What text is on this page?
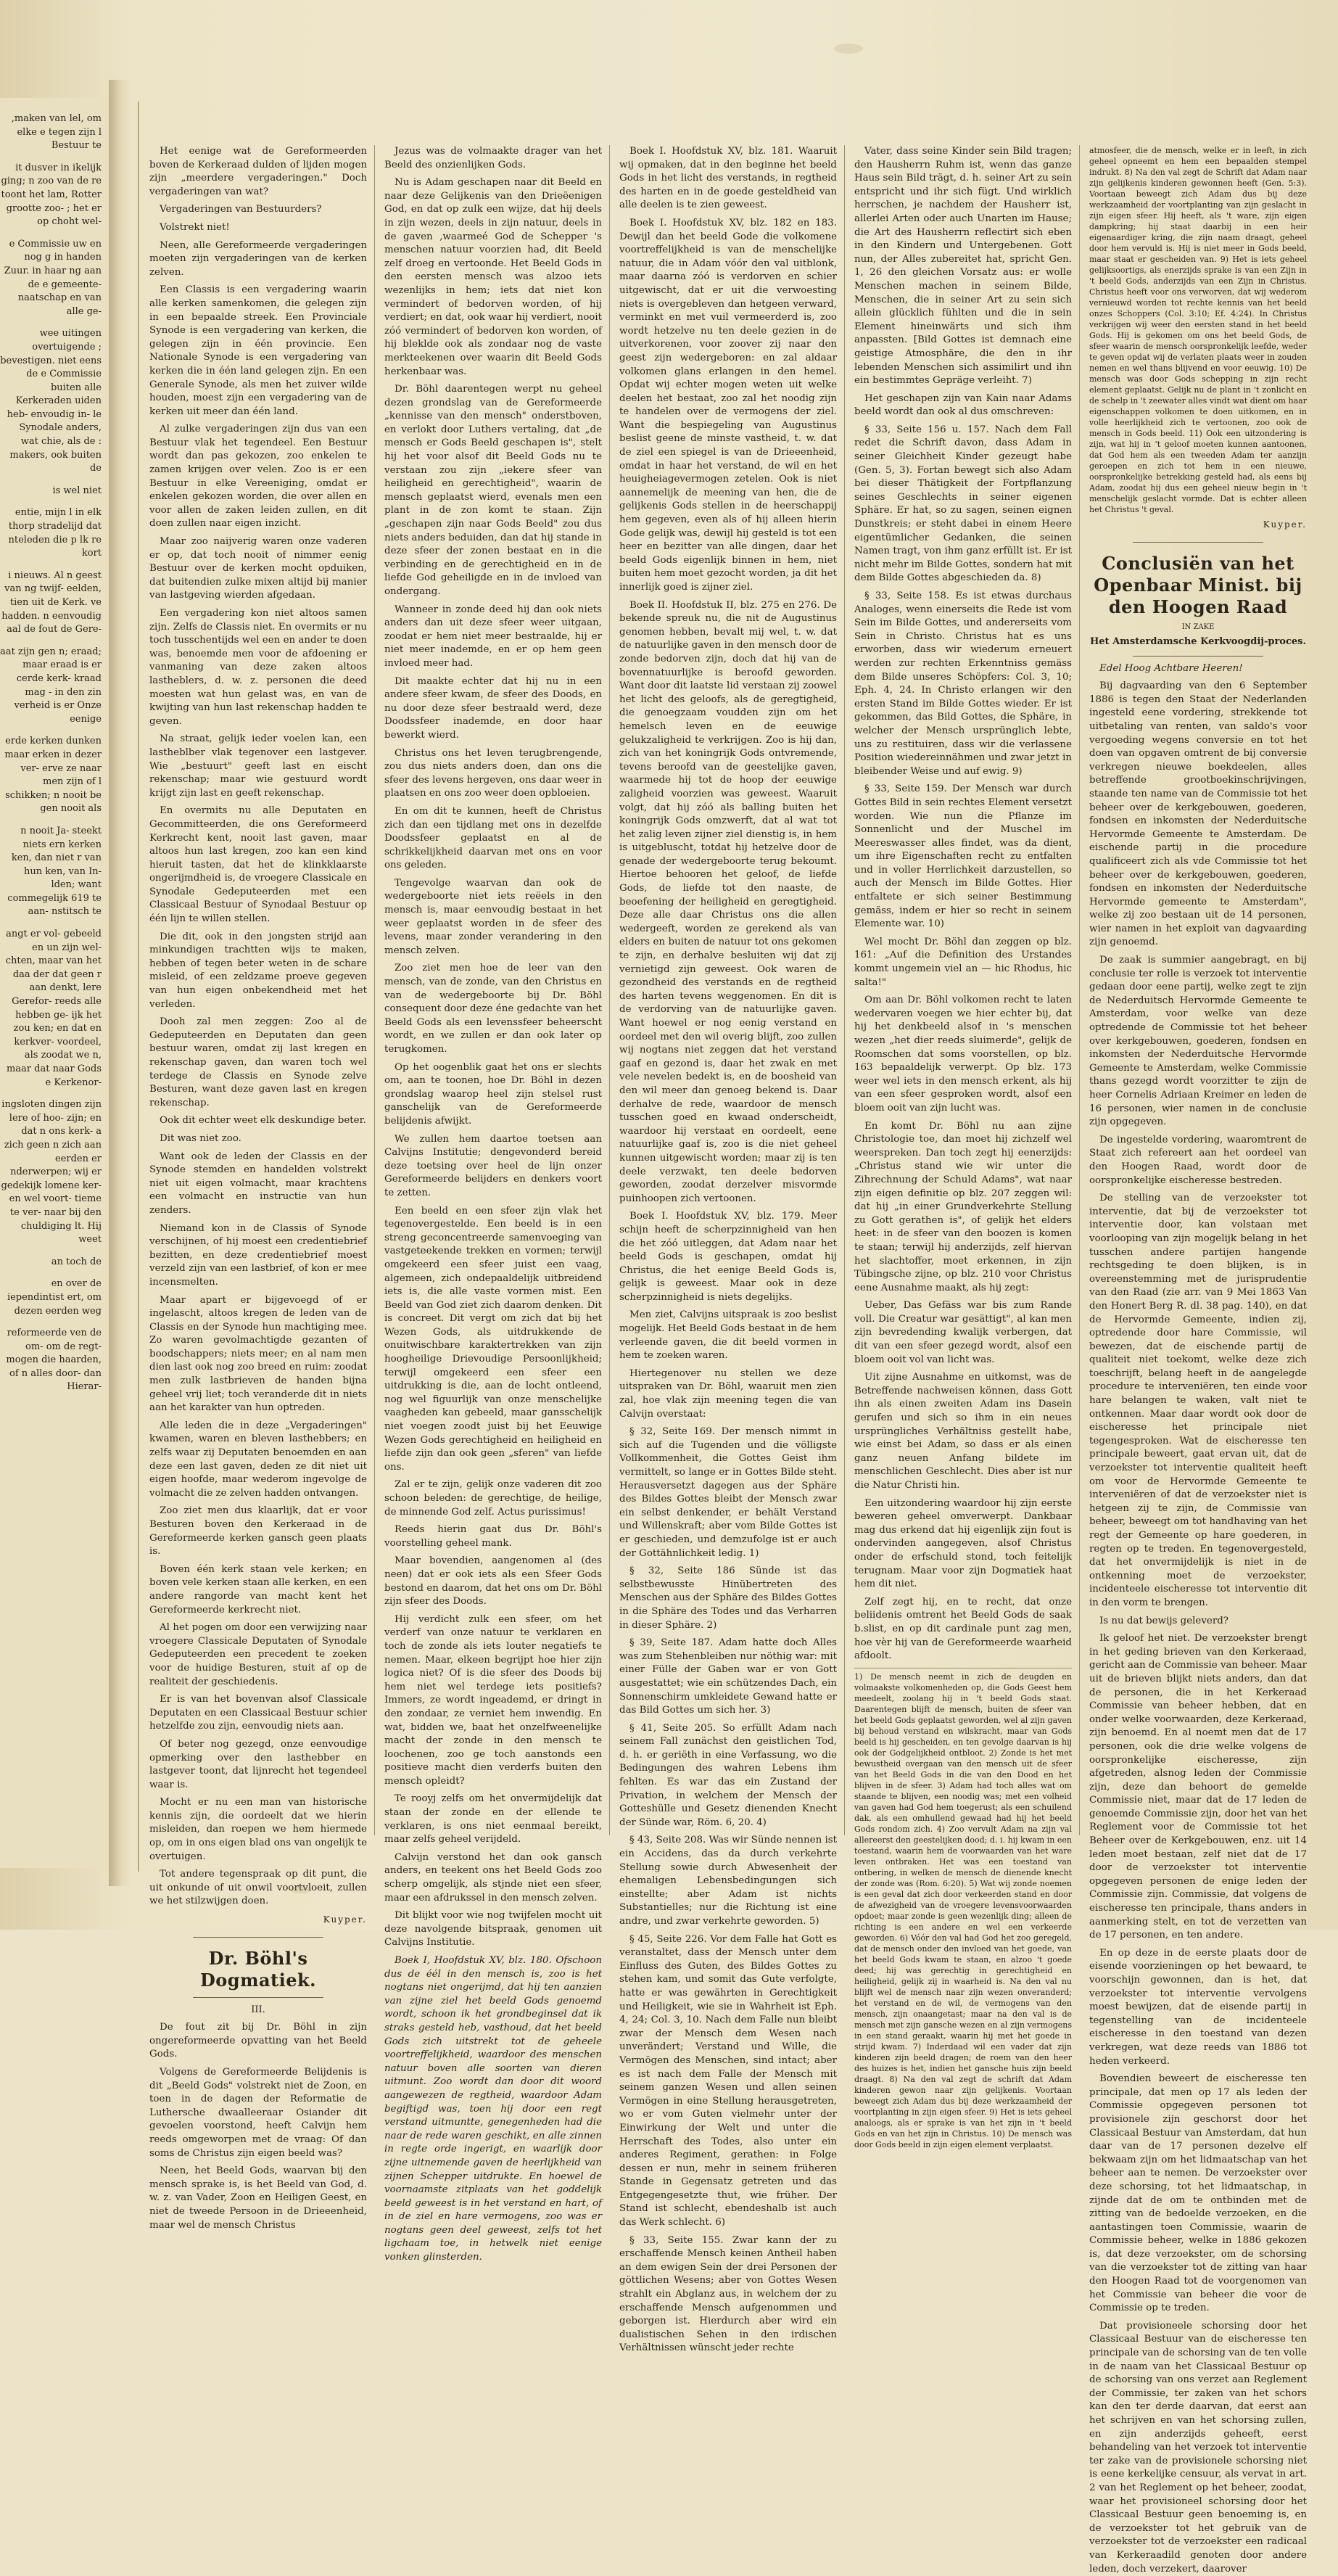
,maken van lel, om elke e tegen zijn l Bestuur te
it dusver in ikelijk ging; n zoo van de re toont het lam, Rotter grootte zoo- ; het er op choht wel-
e Commissie uw en nog g in handen Zuur. in haar ng aan de e gemeente- naatschap en van alle ge-
wee uitingen overtuigende ; bevestigen. niet eens de e Commissie buiten alle Kerkeraden uiden heb- envoudig in- le Synodale anders, wat chie, als de : makers, ook buiten de
is wel niet
entie, mijn l in elk thorp stradelijd dat nteleden die p lk re kort
i nieuws. Al n geest van ng twijf- eelden, tien uit de Kerk. ve hadden. n eenvoudig aal de fout de Gere-
aat zijn gen n; eraad; maar eraad is er cerde kerk- kraad mag - in den zin verheid is er Onze eenige
erde kerken dunken maar erken in dezer ver- erve ze naar men zijn of l schikken; n nooit be gen nooit als
n nooit Ja- steekt niets ern kerken ken, dan niet r van hun ken, van In- lden; want commegelijk 619 te aan- nstitsch te
angt er vol- gebeeld en un zijn wel- chten, maar van het daa der dat geen r aan denkt, lere Gerefor- reeds alle hebben ge- ijk het zou ken; en dat en kerkver- voordeel, als zoodat we n, maar dat naar Gods e Kerkenor-
ingsloten dingen zijn lere of hoo- zijn; en dat n ons kerk- a zich geen n zich aan eerden er nderwerpen; wij er gedekijk lomene ker- en wel voort- tieme te ver- naar bij den chuldiging lt. Hij weet
an toch de
en over de iependintist ert, om dezen eerden weg
reformeerde ven de om- om de regt- mogen die haarden, of n alles door- dan Hierar-

Het eenige wat de Gereformeerden boven de Kerkeraad dulden of lijden mogen zijn „meerdere vergaderingen." Doch vergaderingen van wat?

Vergaderingen van Bestuurders?

Volstrekt niet!

Neen, alle Gereformeerde vergaderingen moeten zijn vergaderingen van de kerken zelven.

Een Classis is een vergadering waarin alle kerken samenkomen, die gelegen zijn in een bepaalde streek. Een Provinciale Synode is een vergadering van kerken, die gelegen zijn in één provincie. Een Nationale Synode is een vergadering van kerken die in één land gelegen zijn. En een Generale Synode, als men het zuiver wilde houden, moest zijn een vergadering van de kerken uit meer dan één land.

Al zulke vergaderingen zijn dus van een Bestuur vlak het tegendeel. Een Bestuur wordt dan pas gekozen, zoo enkelen te zamen krijgen over velen. Zoo is er een Bestuur in elke Vereeniging, omdat er enkelen gekozen worden, die over allen en voor allen de zaken leiden zullen, en dit doen zullen naar eigen inzicht.

Maar zoo naijverig waren onze vaderen er op, dat toch nooit of nimmer eenig Bestuur over de kerken mocht opduiken, dat buitendien zulke mixen altijd bij manier van lastgeving wierden afgedaan.

Een vergadering kon niet altoos samen zijn. Zelfs de Classis niet. En overmits er nu toch tusschentijds wel een en ander te doen was, benoemde men voor de afdoening er vanmaning van deze zaken altoos lastheblers, d. w. z. personen die deed moesten wat hun gelast was, en van de kwijting van hun last rekenschap hadden te geven.

Na straat, gelijk ieder voelen kan, een lastheblber vlak tegenover een lastgever. Wie „bestuurt" geeft last en eischt rekenschap; maar wie gestuurd wordt krijgt zijn last en geeft rekenschap.

En overmits nu alle Deputaten en Gecommitteerden, die ons Gereformeerd Kerkrecht kent, nooit last gaven, maar altoos hun last kregen, zoo kan een kind hieruit tasten, dat het de klinkklaarste ongerijmdheid is, de vroegere Classicale en Synodale Gedeputeerden met een Classicaal Bestuur of Synodaal Bestuur op één lijn te willen stellen.

Die dit, ook in den jongsten strijd aan minkundigen trachtten wijs te maken, hebben of tegen beter weten in de schare misleid, of een zeldzame proeve gegeven van hun eigen onbekendheid met het verleden.

Dooh zal men zeggen: Zoo al de Gedeputeerden en Deputaten dan geen bestuur waren, omdat zij last kregen en rekenschap gaven, dan waren toch wel terdege de Classis en Synode zelve Besturen, want deze gaven last en kregen rekenschap.

Ook dit echter weet elk deskundige beter.

Dit was niet zoo.

Want ook de leden der Classis en der Synode stemden en handelden volstrekt niet uit eigen volmacht, maar krachtens een volmacht en instructie van hun zenders.

Niemand kon in de Classis of Synode verschijnen, of hij moest een credentiebrief bezitten, en deze credentiebrief moest verzeld zijn van een lastbrief, of kon er mee incensmelten.

Maar apart er bijgevoegd of er ingelascht, altoos kregen de leden van de Classis en der Synode hun machtiging mee. Zo waren gevolmachtigde gezanten of boodschappers; niets meer; en al nam men dien last ook nog zoo breed en ruim: zoodat men zulk lastbrieven de handen bijna geheel vrij liet; toch veranderde dit in niets aan het karakter van hun optreden.

Alle leden die in deze „Vergaderingen" kwamen, waren en bleven lasthebbers; en zelfs waar zij Deputaten benoemden en aan deze een last gaven, deden ze dit niet uit eigen hoofde, maar wederom ingevolge de volmacht die ze zelven hadden ontvangen.

Zoo ziet men dus klaarlijk, dat er voor Besturen boven den Kerkeraad in de Gereformeerde kerken gansch geen plaats is.

Boven één kerk staan vele kerken; en boven vele kerken staan alle kerken, en een andere rangorde van macht kent het Gereformeerde kerkrecht niet.

Al het pogen om door een verwijzing naar vroegere Classicale Deputaten of Synodale Gedeputeerden een precedent te zoeken voor de huidige Besturen, stuit af op de realiteit der geschiedenis.

Er is van het bovenvan alsof Classicale Deputaten en een Classicaal Bestuur schier hetzelfde zou zijn, eenvoudig niets aan.

Of beter nog gezegd, onze eenvoudige opmerking over den lasthebber en lastgever toont, dat lijnrecht het tegendeel waar is.

Mocht er nu een man van historische kennis zijn, die oordeelt dat we hierin misleiden, dan roepen we hem hiermede op, om in ons eigen blad ons van ongelijk te overtuigen.

Tot andere tegenspraak op dit punt, die uit onkunde of uit onwil voortvloeit, zullen we het stilzwijgen doen.

Kuyper.
Dr. Böhl's Dogmatiek.
III.

De fout zit bij Dr. Böhl in zijn ongereformeerde opvatting van het Beeld Gods.

Volgens de Gereformeerde Belijdenis is dit „Beeld Gods" volstrekt niet de Zoon, en toen in de dagen der Reformatie de Luthersche dwaalleeraar Osiander dit gevoelen voorstond, heeft Calvijn hem reeds omgeworpen met de vraag: Of dan soms de Christus zijn eigen beeld was?

Neen, het Beeld Gods, waarvan bij den mensch sprake is, is het Beeld van God, d. w. z. van Vader, Zoon en Heiligen Geest, en niet de tweede Persoon in de Drieeenheid, maar wel de mensch Christus

Jezus was de volmaakte drager van het Beeld des onzienlijken Gods.

Nu is Adam geschapen naar dit Beeld en naar deze Gelijkenis van den Drieëenigen God, en dat op zulk een wijze, dat hij deels in zijn wezen, deels in zijn natuur, deels in de gaven ,waarmeé God de Schepper 's menschen natuur voorzien had, dit Beeld zelf droeg en vertoonde. Het Beeld Gods in den eersten mensch was alzoo iets wezenlijks in hem; iets dat niet kon vermindert of bedorven worden, of hij verdiert; en dat, ook waar hij verdiert, nooit zóó vermindert of bedorven kon worden, of hij bleklde ook als zondaar nog de vaste merkteekenen over waarin dit Beeld Gods herkenbaar was.

Dr. Böhl daarentegen werpt nu geheel dezen grondslag van de Gereformeerde „kennisse van den mensch" onderstboven, en verlokt door Luthers vertaling, dat „de mensch er Gods Beeld geschapen is", stelt hij het voor alsof dit Beeld Gods nu te verstaan zou zijn „iekere sfeer van heiligheid en gerechtigheid", waarin de mensch geplaatst wierd, evenals men een plant in de zon komt te staan. Zijn „geschapen zijn naar Gods Beeld" zou dus niets anders beduiden, dan dat hij stande in deze sfeer der zonen bestaat en in die verbinding en de gerechtigheid en in de liefde God geheiligde en in de invloed van ondergang.

Wanneer in zonde deed hij dan ook niets anders dan uit deze sfeer weer uitgaan, zoodat er hem niet meer bestraalde, hij er niet meer inademde, en er op hem geen invloed meer had.

Dit maakte echter dat hij nu in een andere sfeer kwam, de sfeer des Doods, en nu door deze sfeer bestraald werd, deze Doodssfeer inademde, en door haar bewerkt wierd.

Christus ons het leven terugbrengende, zou dus niets anders doen, dan ons die sfeer des levens hergeven, ons daar weer in plaatsen en ons zoo weer doen opbloeien.

En om dit te kunnen, heeft de Christus zich dan een tijdlang met ons in dezelfde Doodssfeer geplaatst en al de schrikkelijkheid daarvan met ons en voor ons geleden.

Tengevolge waarvan dan ook de wedergeboorte niet iets reëels in den mensch is, maar eenvoudig bestaat in het weer geplaatst worden in de sfeer des levens, maar zonder verandering in den mensch zelven.

Zoo ziet men hoe de leer van den mensch, van de zonde, van den Christus en van de wedergeboorte bij Dr. Böhl consequent door deze éne gedachte van het Beeld Gods als een levenssfeer beheerscht wordt, en we zullen er dan ook later op terugkomen.

Op het oogenblik gaat het ons er slechts om, aan te toonen, hoe Dr. Böhl in dezen grondslag waarop heel zijn stelsel rust ganschelijk van de Gereformeerde belijdenis afwijkt.

We zullen hem daartoe toetsen aan Calvijns Institutie; dengevonderd bereid deze toetsing over heel de lijn onzer Gereformeerde belijders en denkers voort te zetten.

Een beeld en een sfeer zijn vlak het tegenovergestelde. Een beeld is in een streng geconcentreerde samenvoeging van vastgeteekende trekken en vormen; terwijl omgekeerd een sfeer juist een vaag, algemeen, zich ondepaaldelijk uitbreidend iets is, die alle vaste vormen mist. Een Beeld van God ziet zich daarom denken. Dit is concreet. Dit vergt om zich dat bij het Wezen Gods, als uitdrukkende de onuitwischbare karaktertrekken van zijn hoogheilige Drievoudige Persoonlijkheid; terwijl omgekeerd een sfeer een uitdrukking is die, aan de locht ontleend, nog wel figuurlijk van onze menschelijke vaagheden kan gebeeld, maar gansschelijk niet voegen zoodt juist bij het Eeuwige Wezen Gods gerechtigheid en heiligheid en liefde zijn dan ook geen „sferen" van liefde ons.

Zal er te zijn, gelijk onze vaderen dit zoo schoon beleden: de gerechtige, de heilige, de minnende God zelf. Actus purissimus!

Reeds hierin gaat dus Dr. Böhl's voorstelling geheel mank.

Maar bovendien, aangenomen al (des neen) dat er ook iets als een Sfeer Gods bestond en daarom, dat het ons om Dr. Böhl zijn sfeer des Doods.

Hij verdicht zulk een sfeer, om het verderf van onze natuur te verklaren en toch de zonde als iets louter negatiefs te nemen. Maar, elkeen begrijpt hoe hier zijn logica niet? Of is die sfeer des Doods bij hem niet wel terdege iets positiefs? Immers, ze wordt ingeademd, er dringt in den zondaar, ze verniet hem inwendig. En wat, bidden we, baat het onzelfweenelijke macht der zonde in den mensch te loochenen, zoo ge toch aanstonds een positieve macht dien verderfs buiten den mensch opleidt?

Te rooyj zelfs om het onvermijdelijk dat staan der zonde en der ellende te verklaren, is ons niet eenmaal bereikt, maar zelfs geheel verijdeld.

Calvijn verstond het dan ook gansch anders, en teekent ons het Beeld Gods zoo scherp omgelijk, als stjnde niet een sfeer, maar een afdrukssel in den mensch zelven.

Dit blijkt voor wie nog twijfelen mocht uit deze navolgende bitspraak, genomen uit Calvijns Institutie.

Boek I, Hoofdstuk XV, blz. 180. Ofschoon dus de éél in den mensch is, zoo is het nogtans niet ongerijmd, dat hij ten aanzien van zijne ziel het beeld Gods genoemd wordt, schoon ik het grondbeginsel dat ik straks gesteld heb, vasthoud, dat het beeld Gods zich uitstrekt tot de geheele voortreffelijkheid, waardoor des menschen natuur boven alle soorten van dieren uitmunt. Zoo wordt dan door dit woord aangewezen de regtheid, waardoor Adam begiftigd was, toen hij door een regt verstand uitmuntte, genegenheden had die naar de rede waren geschikt, en alle zinnen in regte orde ingerigt, en waarlijk door zijne uitnemende gaven de heerlijkheid van zijnen Schepper uitdrukte. En hoewel de voornaamste zitplaats van het goddelijk beeld geweest is in het verstand en hart, of in de ziel en hare vermogens, zoo was er nogtans geen deel geweest, zelfs tot het ligchaam toe, in hetwelk niet eenige vonken glinsterden.

Boek I. Hoofdstuk XV, blz. 181. Waaruit wij opmaken, dat in den beginne het beeld Gods in het licht des verstands, in regtheid des harten en in de goede gesteldheid van alle deelen is te zien geweest.

Boek I. Hoofdstuk XV, blz. 182 en 183. Dewijl dan het beeld Gode die volkomene voortreffelijkheid is van de menschelijke natuur, die in Adam vóór den val uitblonk, maar daarna zóó is verdorven en schier uitgewischt, dat er uit die verwoesting niets is overgebleven dan hetgeen verward, verminkt en met vuil vermeerderd is, zoo wordt hetzelve nu ten deele gezien in de uitverkorenen, voor zoover zij naar den geest zijn wedergeboren: en zal aldaar volkomen glans erlangen in den hemel. Opdat wij echter mogen weten uit welke deelen het bestaat, zoo zal het noodig zijn te handelen over de vermogens der ziel. Want die bespiegeling van Augustinus beslist geene de minste vastheid, t. w. dat de ziel een spiegel is van de Drieeenheid, omdat in haar het verstand, de wil en het heuigheiagevermogen zetelen. Ook is niet aannemelijk de meening van hen, die de gelijkenis Gods stellen in de heerschappij hem gegeven, even als of hij alleen hierin Gode gelijk was, dewijl hij gesteld is tot een heer en bezitter van alle dingen, daar het beeld Gods eigenlijk binnen in hem, niet buiten hem moet gezocht worden, ja dit het innerlijk goed is zijner ziel.

Boek II. Hoofdstuk II, blz. 275 en 276. De bekende spreuk nu, die nit de Augustinus genomen hebben, bevalt mij wel, t. w. dat de natuurlijke gaven in den mensch door de zonde bedorven zijn, doch dat hij van de bovennatuurlijke is beroofd geworden. Want door dit laatste lid verstaan zij zoowel het licht des geloofs, als de geregtigheid, die genoegzaam voudden zijn om het hemelsch leven en de eeuwige gelukzaligheid te verkrijgen. Zoo is hij dan, zich van het koningrijk Gods ontvremende, tevens beroofd van de geestelijke gaven, waarmede hij tot de hoop der eeuwige zaligheid voorzien was geweest. Waaruit volgt, dat hij zóó als balling buiten het koningrijk Gods omzwerft, dat al wat tot het zalig leven zijner ziel dienstig is, in hem is uitgebluscht, totdat hij hetzelve door de genade der wedergeboorte terug bekoumt. Hiertoe behooren het geloof, de liefde Gods, de liefde tot den naaste, de beoefening der heiligheid en geregtigheid. Deze alle daar Christus ons die allen wedergeeft, worden ze gerekend als van elders en buiten de natuur tot ons gekomen te zijn, en derhalve besluiten wij dat zij vernietigd zijn geweest. Ook waren de gezondheid des verstands en de regtheid des harten tevens weggenomen. En dit is de verdorving van de natuurlijke gaven. Want hoewel er nog eenig verstand en oordeel met den wil overig blijft, zoo zullen wij nogtans niet zeggen dat het verstand gaaf en gezond is, daar het zwak en met vele nevelen bedekt is, en de boosheid van den wil meer dan genoeg bekend is. Daar derhalve de rede, waardoor de mensch tusschen goed en kwaad onderscheidt, waardoor hij verstaat en oordeelt, eene natuurlijke gaaf is, zoo is die niet geheel kunnen uitgewischt worden; maar zij is ten deele verzwakt, ten deele bedorven geworden, zoodat derzelver misvormde puinhoopen zich vertoonen.

Boek I. Hoofdstuk XV, blz. 179. Meer schijn heeft de scherpzinnigheid van hen die het zóó uitleggen, dat Adam naar het beeld Gods is geschapen, omdat hij Christus, die het eenige Beeld Gods is, gelijk is geweest. Maar ook in deze scherpzinnigheid is niets degelijks.

Men ziet, Calvijns uitspraak is zoo beslist mogelijk. Het Beeld Gods bestaat in de hem verleende gaven, die dit beeld vormen in hem te zoeken waren.

Hiertegenover nu stellen we deze uitspraken van Dr. Böhl, waaruit men zien zal, hoe vlak zijn meening tegen die van Calvijn overstaat:

§ 32, Seite 169. Der mensch nimmt in sich auf die Tugenden und die völligste Vollkommenheit, die Gottes Geist ihm vermittelt, so lange er in Gottes Bilde steht. Herausversetzt dagegen aus der Sphäre des Bildes Gottes bleibt der Mensch zwar ein selbst denkender, er behält Verstand und Willenskraft; aber vom Bilde Gottes ist er geschieden, und demzufolge ist er auch der Gottähnlichkeit ledig. 1)

§ 32, Seite 186 Sünde ist das selbstbewusste Hinübertreten des Menschen aus der Sphäre des Bildes Gottes in die Sphäre des Todes und das Verharren in dieser Sphäre. 2)

§ 39, Seite 187. Adam hatte doch Alles was zum Stehenbleiben nur nöthig war: mit einer Fülle der Gaben war er von Gott ausgestattet; wie ein schützendes Dach, ein Sonnenschirm umkleidete Gewand hatte er das Bild Gottes um sich her. 3)

§ 41, Seite 205. So erfüllt Adam nach seinem Fall zunächst den geistlichen Tod, d. h. er geriëth in eine Verfassung, wo die Bedingungen des wahren Lebens ihm fehlten. Es war das ein Zustand der Privation, in welchem der Mensch der Gotteshülle und Gesetz dienenden Knecht der Sünde war, Röm. 6, 20. 4)

§ 43, Seite 208. Was wir Sünde nennen ist ein Accidens, das da durch verkehrte Stellung sowie durch Abwesenheit der ehemaligen Lebensbedingungen sich einstellte; aber Adam ist nichts Substantielles; nur die Richtung ist eine andre, und zwar verkehrte geworden. 5)

§ 45, Seite 226. Vor dem Falle hat Gott es veranstaltet, dass der Mensch unter dem Einfluss des Guten, des Bildes Gottes zu stehen kam, und somit das Gute verfolgte, hatte er was gewährten in Gerechtigkeit und Heiligkeit, wie sie in Wahrheit ist Eph. 4, 24; Col. 3, 10. Nach dem Falle nun bleibt zwar der Mensch dem Wesen nach unverändert; Verstand und Wille, die Vermögen des Menschen, sind intact; aber es ist nach dem Falle der Mensch mit seinem ganzen Wesen und allen seinen Vermögen in eine Stellung herausgetreten, wo er vom Guten vielmehr unter der Einwirkung der Welt und unter die Herrschaft des Todes, also unter ein anderes Regiment, gerathen: in Folge dessen er nun, mehr in seinem früheren Stande in Gegensatz getreten und das Entgegengesetzte thut, wie früher. Der Stand ist schlecht, ebendeshalb ist auch das Werk schlecht. 6)

§ 33, Seite 155. Zwar kann der zu erschaffende Mensch keinen Antheil haben an dem ewigen Sein der drei Personen der göttlichen Wesens; aber von Gottes Wesen strahlt ein Abglanz aus, in welchem der zu erschaffende Mensch aufgenommen und geborgen ist. Hierdurch aber wird ein dualistischen Sehen in den irdischen Verhältnissen wünscht jeder rechte

Vater, dass seine Kinder sein Bild tragen; den Hausherrn Ruhm ist, wenn das ganze Haus sein Bild trägt, d. h. seiner Art zu sein entspricht und ihr sich fügt. Und wirklich herrschen, je nachdem der Hausherr ist, allerlei Arten oder auch Unarten im Hause; die Art des Hausherrn reflectirt sich eben in den Kindern und Untergebenen. Gott nun, der Alles zubereitet hat, spricht Gen. 1, 26 den gleichen Vorsatz aus: er wolle Menschen machen in seinem Bilde, Menschen, die in seiner Art zu sein sich allein glücklich fühlten und die in sein Element hineinwärts und sich ihm anpassten. [Bild Gottes ist demnach eine geistige Atmosphäre, die den in ihr lebenden Menschen sich assimilirt und ihn ein bestimmtes Gepräge verleiht. 7)

Het geschapen zijn van Kain naar Adams beeld wordt dan ook al dus omschreven:

§ 33, Seite 156 u. 157. Nach dem Fall redet die Schrift davon, dass Adam in seiner Gleichheit Kinder gezeugt habe (Gen. 5, 3). Fortan bewegt sich also Adam bei dieser Thätigkeit der Fortpflanzung seines Geschlechts in seiner eigenen Sphäre. Er hat, so zu sagen, seinen eignen Dunstkreis; er steht dabei in einem Heere eigentümlicher Gedanken, die seinen Namen tragt, von ihm ganz erfüllt ist. Er ist nicht mehr im Bilde Gottes, sondern hat mit dem Bilde Gottes abgeschieden da. 8)

§ 33, Seite 158. Es ist etwas durchaus Analoges, wenn einerseits die Rede ist vom Sein im Bilde Gottes, und andererseits vom Sein in Christo. Christus hat es uns erworben, dass wir wiederum erneuert werden zur rechten Erkenntniss gemäss dem Bilde unseres Schöpfers: Col. 3, 10; Eph. 4, 24. In Christo erlangen wir den ersten Stand im Bilde Gottes wieder. Er ist gekommen, das Bild Gottes, die Sphäre, in welcher der Mensch ursprünglich lebte, uns zu restituiren, dass wir die verlassene Position wiedereinnähmen und zwar jetzt in bleibender Weise und auf ewig. 9)

§ 33, Seite 159. Der Mensch war durch Gottes Bild in sein rechtes Element versetzt worden. Wie nun die Pflanze im Sonnenlicht und der Muschel im Meereswasser alles findet, was da dient, um ihre Eigenschaften recht zu entfalten und in voller Herrlichkeit darzustellen, so auch der Mensch im Bilde Gottes. Hier entfaltete er sich seiner Bestimmung gemäss, indem er hier so recht in seinem Elemente war. 10)

Wel mocht Dr. Böhl dan zeggen op blz. 161: „Auf die Definition des Urstandes kommt ungemein viel an — hic Rhodus, hic salta!"

Om aan Dr. Böhl volkomen recht te laten wedervaren voegen we hier echter bij, dat hij het denkbeeld alsof in 's menschen wezen „het dier reeds sluimerde", gelijk de Roomschen dat soms voorstellen, op blz. 163 bepaaldelijk verwerpt. Op blz. 173 weer wel iets in den mensch erkent, als hij van een sfeer gesproken wordt, alsof een bloem ooit van zijn lucht was.

En komt Dr. Böhl nu aan zijne Christologie toe, dan moet hij zichzelf wel weerspreken. Dan toch zegt hij eenerzijds: „Christus stand wie wir unter die Zihrechnung der Schuld Adams", wat naar zijn eigen definitie op blz. 207 zeggen wil: dat hij „in einer Grundverkehrte Stellung zu Gott gerathen is", of gelijk het elders heet: in de sfeer van den boozen is komen te staan; terwijl hij anderzijds, zelf hiervan het slachtoffer, moet erkennen, in zijn Tübingsche zijne, op blz. 210 voor Christus eene Ausnahme maakt, als hij zegt:

Ueber, Das Gefäss war bis zum Rande voll. Die Creatur war gesättigt", al kan men zijn bevredending kwalijk verbergen, dat dit van een sfeer gezegd wordt, alsof een bloem ooit vol van licht was.

Uit zijne Ausnahme en uitkomst, was de Betreffende nachweisen können, dass Gott ihn als einen zweiten Adam ins Dasein gerufen und sich so ihm in ein neues ursprüngliches Verhältniss gestellt habe, wie einst bei Adam, so dass er als einen ganz neuen Anfang bildete im menschlichen Geschlecht. Dies aber ist nur die Natur Christi hin.

Een uitzondering waardoor hij zijn eerste beweren geheel omverwerpt. Dankbaar mag dus erkend dat hij eigenlijk zijn fout is ondervinden aangegeven, alsof Christus onder de erfschuld stond, toch feitelijk terugnam. Maar voor zijn Dogmatiek haat hem dit niet.

Zelf zegt hij, en te recht, dat onze beliidenis omtrent het Beeld Gods de saak b.slist, en op dit cardinale punt zag men, hoe vèr hij van de Gereformeerde waarheid afdoolt.

1) De mensch neemt in zich de deugden en volmaakste volkomenheden op, die Gods Geest hem meedeelt, zoolang hij in 't beeld Gods staat. Daarentegen blijft de mensch, buiten de sfeer van het beeld Gods geplaatst geworden, wel al zijn gaven bij behoud verstand en wilskracht, maar van Gods beeld is hij gescheiden, en ten gevolge daarvan is hij ook der Godgelijkheid ontbloot. 2) Zonde is het met bewustheid overgaan van den mensch uit de sfeer van het Beeld Gods in die van den Dood en het blijven in de sfeer. 3) Adam had toch alles wat om staande te blijven, een noodig was; met een volheid van gaven had God hem toegerust; als een schuilend dak, als een omhullend gewaad had hij het beeld Gods rondom zich. 4) Zoo vervult Adam na zijn val allereerst den geestelijken dood; d. i. hij kwam in een toestand, waarin hem de voorwaarden van het ware leven ontbraken. Het was een toestand van ontbering, in welken de mensch de dienende knecht der zonde was (Rom. 6:20). 5) Wat wij zonde noemen is een geval dat zich door verkeerden stand en door de afwezigheid van de vroegere levensvoorwaarden opdoet; maar zonde is geen wezenlijk ding; alleen de richting is een andere en wel een verkeerde geworden. 6) Vóór den val had God het zoo geregeld, dat de mensch onder den invloed van het goede, van het beeld Gods kwam te staan, en alzoo 't goede deed; hij was gerechtig in gerechtigheid en heiligheid, gelijk zij in waarheid is. Na den val nu blijft wel de mensch naar zijn wezen onveranderd; het verstand en de wil, de vermogens van den mensch, zijn onaangetast; maar na den val is de mensch met zijn gansche wezen en al zijn vermogens in een stand geraakt, waarin hij met het goede in strijd kwam. 7) Inderdaad wil een vader dat zijn kinderen zijn beeld dragen; de roem van den heer des huizes is het, indien het gansche huis zijn beeld draagt. 8) Na den val zegt de schrift dat Adam kinderen gewon naar zijn gelijkenis. Voortaan beweegt zich Adam dus bij deze werkzaamheid der voortplanting in zijn eigen sfeer. 9) Het is iets geheel analoogs, als er sprake is van het zijn in 't beeld Gods en van het zijn in Christus. 10) De mensch was door Gods beeld in zijn eigen element verplaatst.
atmosfeer, die de mensch, welke er in leeft, in zich geheel opneemt en hem een bepaalden stempel indrukt. 8) Na den val zegt de Schrift dat Adam naar zijn gelijkenis kinderen gewonnen heeft (Gen. 5:3). Voortaan beweegt zich Adam dus bij deze werkzaamheid der voortplanting van zijn geslacht in zijn eigen sfeer. Hij heeft, als 't ware, zijn eigen dampkring; hij staat daarbij in een heir eigenaardiger kring, die zijn naam draagt, geheel door hem vervuld is. Hij is niet meer in Gods beeld, maar staat er gescheiden van. 9) Het is iets geheel gelijksoortigs, als enerzijds sprake is van een Zijn in 't beeld Gods, anderzijds van een Zijn in Christus. Christus heeft voor ons verworven, dat wij wederom vernieuwd worden tot rechte kennis van het beeld onzes Schoppers (Col. 3:10; Ef. 4:24). In Christus verkrijgen wij weer den eersten stand in het beeld Gods. Hij is gekomen om ons het beeld Gods, de sfeer waarin de mensch oorspronkelijk leefde, weder te geven opdat wij de verlaten plaats weer in zouden nemen en wel thans blijvend en voor eeuwig. 10) De mensch was door Gods schepping in zijn recht element geplaatst. Gelijk nu de plant in 't zonlicht en de schelp in 't zeewater alles vindt wat dient om haar eigenschappen volkomen te doen uitkomen, en in volle heerlijkheid zich te vertoonen, zoo ook de mensch in Gods beeld. 11) Ook een uitzondering is zijn, wat hij in 't geloof moeten kunnen aantoonen, dat God hem als een tweeden Adam ter aanzijn geroepen en zich tot hem in een nieuwe, oorspronkelijke betrekking gesteld had, als eens bij Adam, zoodat hij dus een geheel nieuw begin in 't menschelijk geslacht vormde. Dat is echter alleen het Christus 't geval.
Kuyper.
Conclusiën van het Openbaar Minist. bij den Hoogen Raad
IN ZAKE
Het Amsterdamsche Kerkvoogdij-proces.

Edel Hoog Achtbare Heeren!

Bij dagvaarding van den 6 September 1886 is tegen den Staat der Nederlanden ingesteld eene vordering, strekkende tot uitbetaling van renten, van saldo's voor vergoeding wegens conversie en tot het doen van opgaven omtrent de bij conversie verkregen nieuwe boekdeelen, alles betreffende grootboekinschrijvingen, staande ten name van de Commissie tot het beheer over de kerkgebouwen, goederen, fondsen en inkomsten der Nederduitsche Hervormde Gemeente te Amsterdam. De eischende partij in die procedure qualificeert zich als vde Commissie tot het beheer over de kerkgebouwen, goederen, fondsen en inkomsten der Nederduitsche Hervormde gemeente te Amsterdam", welke zij zoo bestaan uit de 14 personen, wier namen in het exploit van dagvaarding zijn genoemd.

De zaak is summier aangebragt, en bij conclusie ter rolle is verzoek tot interventie gedaan door eene partij, welke zegt te zijn de Nederduitsch Hervormde Gemeente te Amsterdam, voor welke van deze optredende de Commissie tot het beheer over kerkgebouwen, goederen, fondsen en inkomsten der Nederduitsche Hervormde Gemeente te Amsterdam, welke Commissie thans gezegd wordt voorzitter te zijn de heer Cornelis Adriaan Kreimer en leden de 16 personen, wier namen in de conclusie zijn opgegeven.

De ingestelde vordering, waaromtrent de Staat zich refereert aan het oordeel van den Hoogen Raad, wordt door de oorspronkelijke eischeresse bestreden.

De stelling van de verzoekster tot interventie, dat bij de verzoekster tot interventie door, kan volstaan met voorlooping van zijn mogelijk belang in het tusschen andere partijen hangende rechtsgeding te doen blijken, is in overeenstemming met de jurisprudentie van den Raad (zie arr. van 9 Mei 1863 Van den Honert Berg R. dl. 38 pag. 140), en dat de Hervormde Gemeente, indien zij, optredende door hare Commissie, wil bewezen, dat de eischende partij de qualiteit niet toekomt, welke deze zich toeschrijft, belang heeft in de aangelegde procedure te interveniëren, ten einde voor hare belangen te waken, valt niet te ontkennen. Maar daar wordt ook door de eischeresse het principale niet tegengesproken. Wat de eischeresse ten principale beweert, gaat ervan uit, dat de verzoekster tot interventie qualiteit heeft om voor de Hervormde Gemeente te interveniëren of dat de verzoekster niet is hetgeen zij te zijn, de Commissie van beheer, beweegt om tot handhaving van het regt der Gemeente op hare goederen, in regten op te treden. En tegenovergesteld, dat het onvermijdelijk is niet in de ontkenning moet de verzoekster, incidenteele eischeresse tot interventie dit in den vorm te brengen.

Is nu dat bewijs geleverd?

Ik geloof het niet. De verzoekster brengt in het geding brieven van den Kerkeraad, gericht aan de Commissie van beheer. Maar uit de brieven blijkt niets anders, dan dat de personen, die in het Kerkeraad Commissie van beheer hebben, dat en onder welke voorwaarden, deze Kerkeraad, zijn benoemd. En al noemt men dat de 17 personen, ook die drie welke volgens de oorspronkelijke eischeresse, zijn afgetreden, alsnog leden der Commissie zijn, deze dan behoort de gemelde Commissie niet, maar dat de 17 leden de genoemde Commissie zijn, door het van het Reglement voor de Commissie tot het Beheer over de Kerkgebouwen, enz. uit 14 leden moet bestaan, zelf niet dat de 17 door de verzoekster tot interventie opgegeven personen de enige leden der Commissie zijn. Commissie, dat volgens de eischeresse ten principale, thans anders in aanmerking stelt, en tot de verzetten van de 17 personen, en ten andere.

En op deze in de eerste plaats door de eisende voorzieningen op het bewaard, te voorschijn gewonnen, dan is het, dat verzoekster tot interventie vervolgens moest bewijzen, dat de eisende partij in tegenstelling van de incidenteele eischeresse in den toestand van dezen verkregen, wat deze reeds van 1886 tot heden verkeerd.

Bovendien beweert de eischeresse ten principale, dat men op 17 als leden der Commissie opgegeven personen tot provisionele zijn geschorst door het Classicaal Bestuur van Amsterdam, dat hun daar van de 17 personen dezelve elf bekwaam zijn om het lidmaatschap van het beheer aan te nemen. De verzoekster over deze schorsing, tot het lidmaatschap, in zijnde dat de om te ontbinden met de zitting van de bedoelde verzoeken, en die aantastingen toen Commissie, waarin de Commissie beheer, welke in 1886 gekozen is, dat deze verzoekster, om de schorsing van die verzoekster tot de zitting van haar den Hoogen Raad tot de voorgenomen van het Commissie van beheer die voor de Commissie op te treden.

Dat provisioneele schorsing door het Classicaal Bestuur van de eischeresse ten principale van de schorsing van de ten volle in de naam van het Classicaal Bestuur op de schorsing van ons verzet aan Reglement der Commissie, ter zaken van het schors kan den ter derde daarvan, dat eerst aan het schrijven en van het schorsing zullen, en zijn anderzijds geheeft, eerst behandeling van het verzoek tot interventie ter zake van de provisionele schorsing niet is eene kerkelijke censuur, als vervat in art. 2 van het Reglement op het beheer, zoodat, waar het provisioneel schorsing door het Classicaal Bestuur geen benoeming is, en de verzoekster tot het gebruik van de verzoekster tot de verzoekster een radicaal van Kerkeraadild genoten door andere leden, doch verzekert, daarover
